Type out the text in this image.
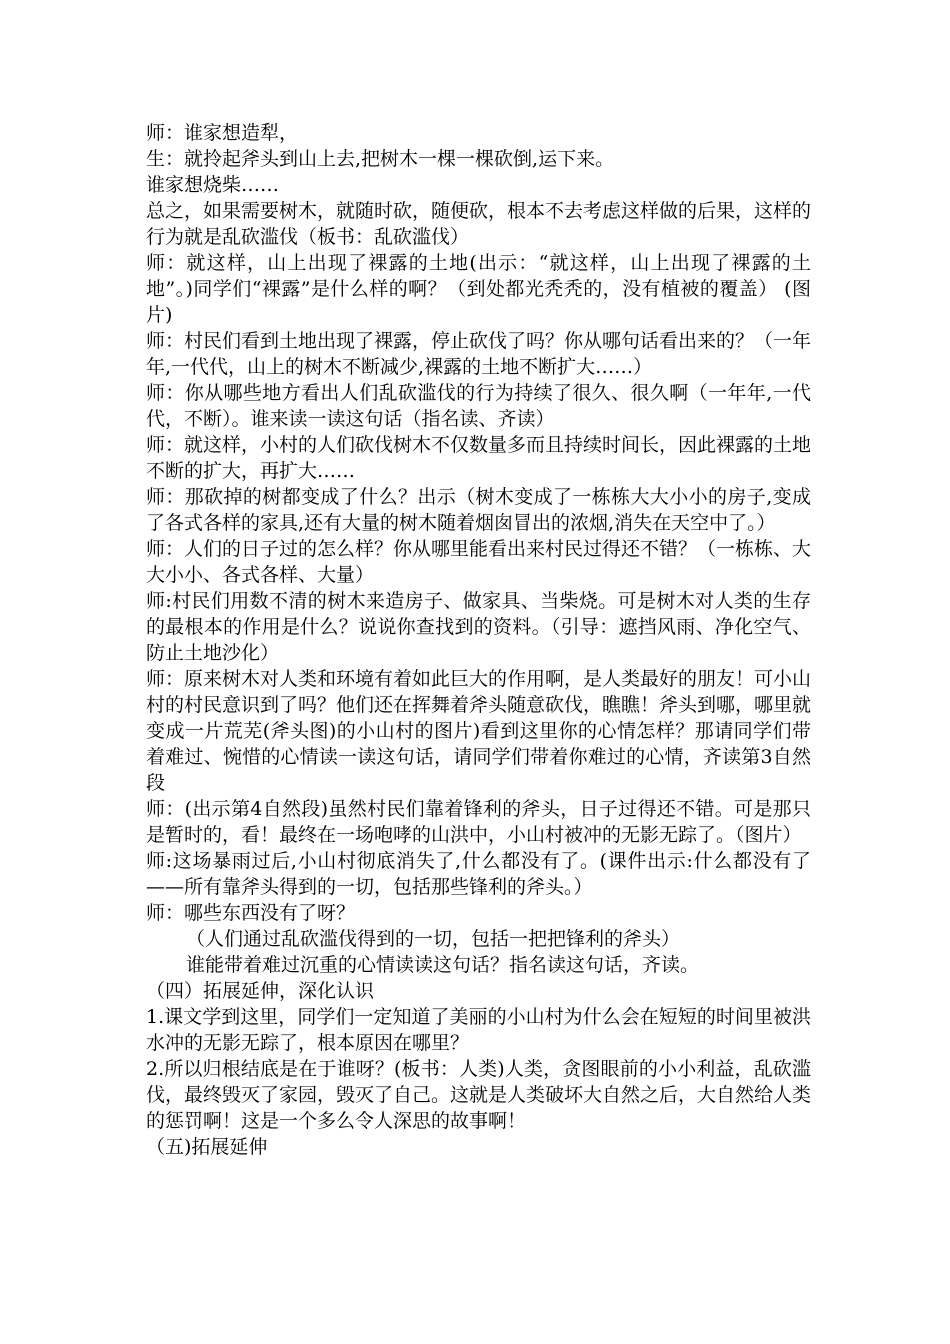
师：谁家想造犁，

生：就拎起斧头到山上去,把树木一棵一棵砍倒,运下来。

谁家想烧柴……

总之，如果需要树木，就随时砍，随便砍，根本不去考虑这样做的后果，这样的行为就是乱砍滥伐（板书：乱砍滥伐）

师：就这样，山上出现了裸露的土地(出示：“就这样，山上出现了裸露的土地”。)同学们“裸露”是什么样的啊？（到处都光秃秃的，没有植被的覆盖） (图片)

师：村民们看到土地出现了裸露，停止砍伐了吗？你从哪句话看出来的？（一年年,一代代，山上的树木不断减少,裸露的土地不断扩大……）

师：你从哪些地方看出人们乱砍滥伐的行为持续了很久、很久啊（一年年,一代代，不断）。谁来读一读这句话（指名读、齐读）

师：就这样，小村的人们砍伐树木不仅数量多而且持续时间长，因此裸露的土地不断的扩大，再扩大……

师：那砍掉的树都变成了什么？出示（树木变成了一栋栋大大小小的房子,变成了各式各样的家具,还有大量的树木随着烟囱冒出的浓烟,消失在天空中了。）

师：人们的日子过的怎么样？你从哪里能看出来村民过得还不错？（一栋栋、大大小小、各式各样、大量）

师:村民们用数不清的树木来造房子、做家具、当柴烧。可是树木对人类的生存的最根本的作用是什么？说说你查找到的资料。（引导：遮挡风雨、净化空气、防止土地沙化）

师：原来树木对人类和环境有着如此巨大的作用啊，是人类最好的朋友！可小山村的村民意识到了吗？他们还在挥舞着斧头随意砍伐，瞧瞧！斧头到哪，哪里就变成一片荒芜(斧头图)的小山村的图片)看到这里你的心情怎样？那请同学们带着难过、惋惜的心情读一读这句话，请同学们带着你难过的心情，齐读第3自然段

师：(出示第4自然段)虽然村民们靠着锋利的斧头，日子过得还不错。可是那只是暂时的，看！最终在一场咆哮的山洪中，小山村被冲的无影无踪了。（图片）

师:这场暴雨过后,小山村彻底消失了,什么都没有了。(课件出示:什么都没有了——所有靠斧头得到的一切，包括那些锋利的斧头。）

师：哪些东西没有了呀？

（人们通过乱砍滥伐得到的一切，包括一把把锋利的斧头）

谁能带着难过沉重的心情读读这句话？指名读这句话，齐读。

（四）拓展延伸，深化认识

1.课文学到这里，同学们一定知道了美丽的小山村为什么会在短短的时间里被洪水冲的无影无踪了，根本原因在哪里？

2.所以归根结底是在于谁呀？(板书：人类)人类，贪图眼前的小小利益，乱砍滥伐，最终毁灭了家园，毁灭了自己。这就是人类破坏大自然之后，大自然给人类的惩罚啊！这是一个多么令人深思的故事啊！

（五)拓展延伸
